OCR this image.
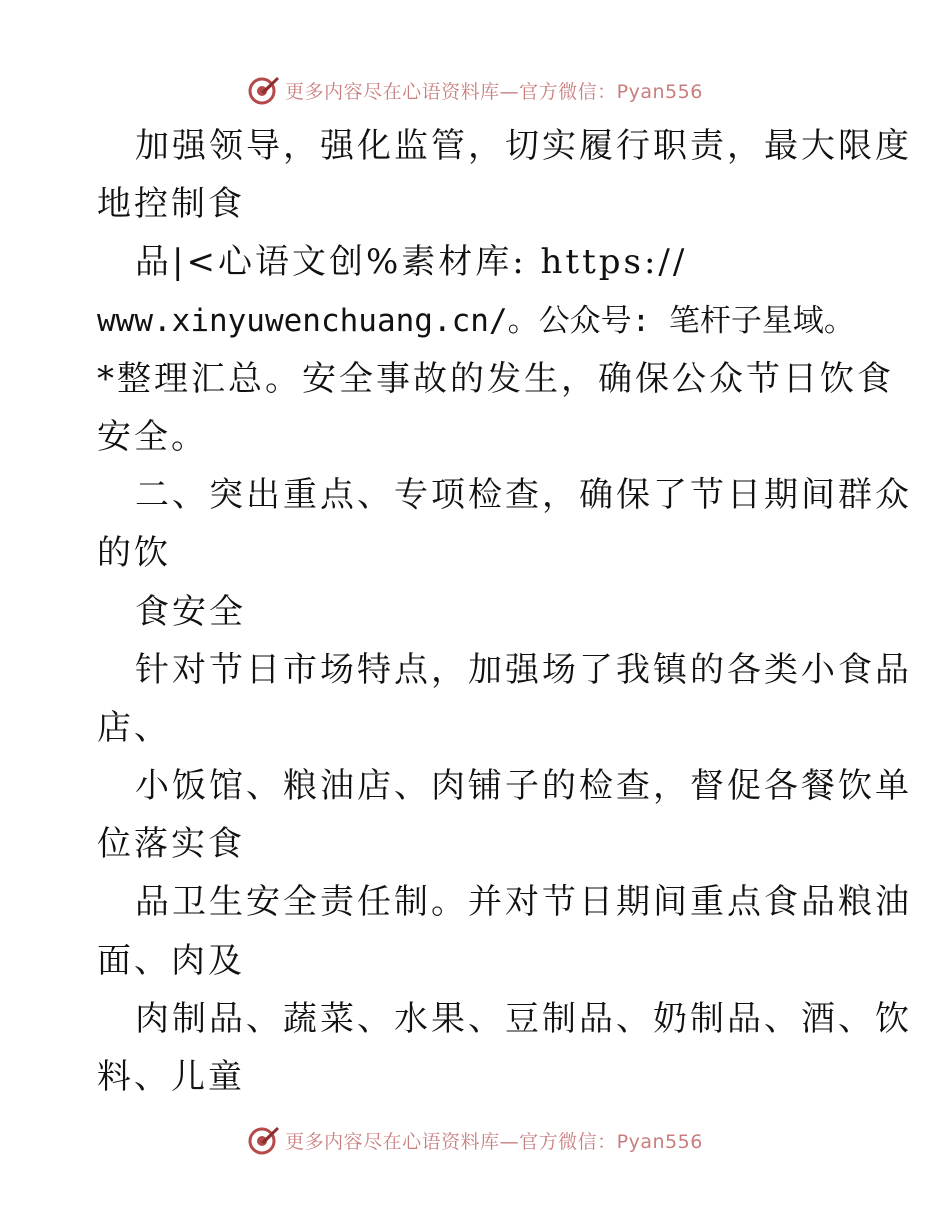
更多内容尽在心语资料库—官方微信：Pyan556
加强领导，强化监管，切实履行职责，最大限度
地控制食
品|<心语文创%素材库: https://
www.xinyuwenchuang.cn/。公众号: 笔杆子星域。
*整理汇总。安全事故的发生，确保公众节日饮食
安全。
二、突出重点、专项检查，确保了节日期间群众
的饮
食安全
针对节日市场特点，加强场了我镇的各类小食品
店、
小饭馆、粮油店、肉铺子的检查，督促各餐饮单
位落实食
品卫生安全责任制。并对节日期间重点食品粮油
面、肉及
肉制品、蔬菜、水果、豆制品、奶制品、酒、饮
料、儿童
更多内容尽在心语资料库—官方微信：Pyan556
